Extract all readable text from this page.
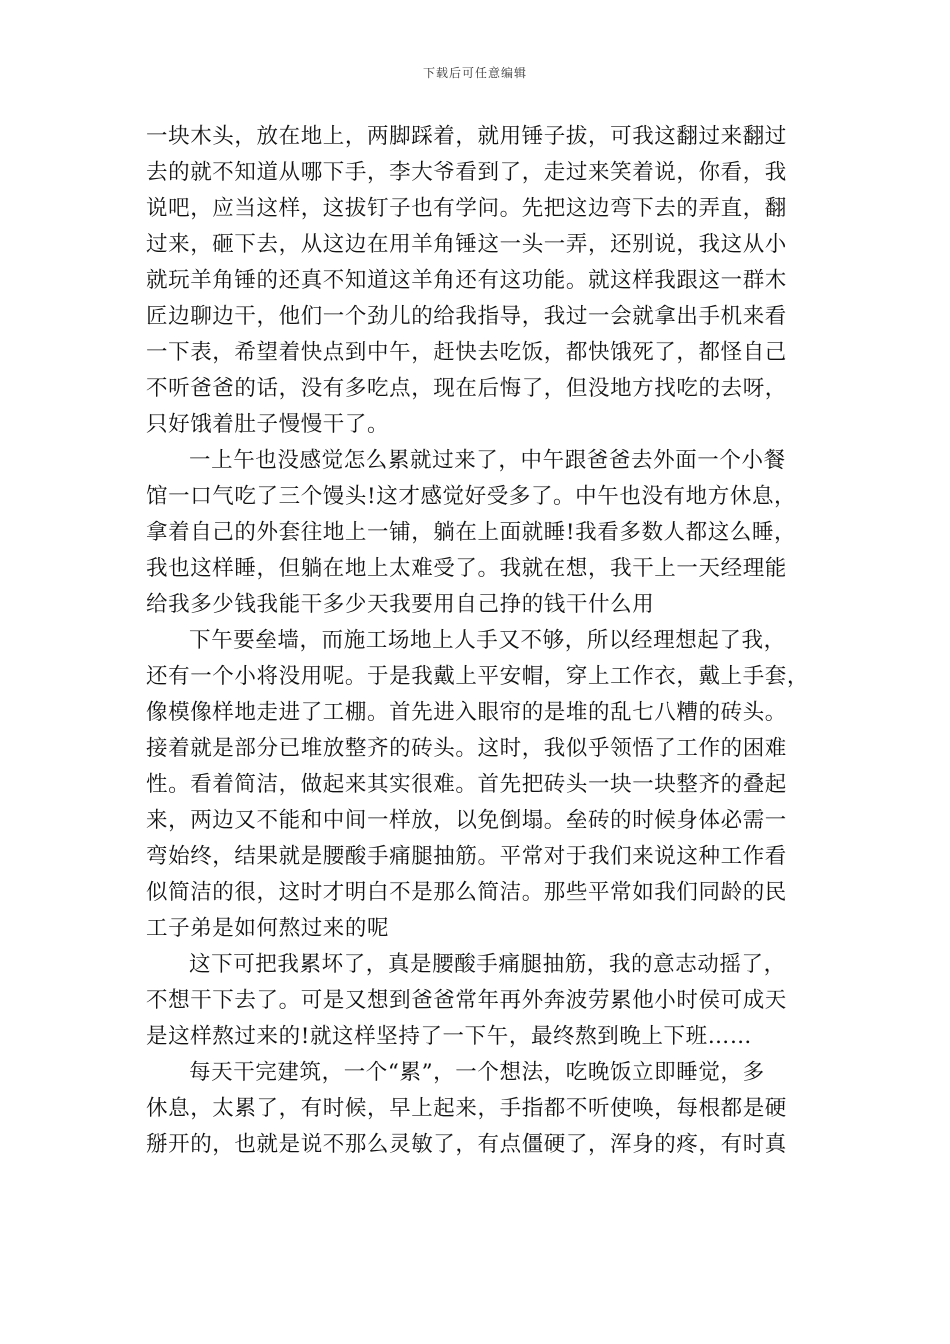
下载后可任意编辑
一块木头，放在地上，两脚踩着，就用锤子拔，可我这翻过来翻过
去的就不知道从哪下手，李大爷看到了，走过来笑着说，你看，我
说吧，应当这样，这拔钉子也有学问。先把这边弯下去的弄直，翻
过来，砸下去，从这边在用羊角锤这一头一弄，还别说，我这从小
就玩羊角锤的还真不知道这羊角还有这功能。就这样我跟这一群木
匠边聊边干，他们一个劲儿的给我指导，我过一会就拿出手机来看
一下表，希望着快点到中午，赶快去吃饭，都快饿死了，都怪自己
不听爸爸的话，没有多吃点，现在后悔了，但没地方找吃的去呀，
只好饿着肚子慢慢干了。
一上午也没感觉怎么累就过来了，中午跟爸爸去外面一个小餐
馆一口气吃了三个馒头!这才感觉好受多了。中午也没有地方休息，
拿着自己的外套往地上一铺，躺在上面就睡!我看多数人都这么睡，
我也这样睡，但躺在地上太难受了。我就在想，我干上一天经理能
给我多少钱我能干多少天我要用自己挣的钱干什么用
下午要垒墙，而施工场地上人手又不够，所以经理想起了我，
还有一个小将没用呢。于是我戴上平安帽，穿上工作衣，戴上手套，
像模像样地走进了工棚。首先进入眼帘的是堆的乱七八糟的砖头。
接着就是部分已堆放整齐的砖头。这时，我似乎领悟了工作的困难
性。看着简洁，做起来其实很难。首先把砖头一块一块整齐的叠起
来，两边又不能和中间一样放，以免倒塌。垒砖的时候身体必需一
弯始终，结果就是腰酸手痛腿抽筋。平常对于我们来说这种工作看
似简洁的很，这时才明白不是那么简洁。那些平常如我们同龄的民
工子弟是如何熬过来的呢
这下可把我累坏了，真是腰酸手痛腿抽筋，我的意志动摇了，
不想干下去了。可是又想到爸爸常年再外奔波劳累他小时侯可成天
是这样熬过来的!就这样坚持了一下午，最终熬到晚上下班……
每天干完建筑，一个“累”，一个想法，吃晚饭立即睡觉，多
休息，太累了，有时候，早上起来，手指都不听使唤，每根都是硬
掰开的，也就是说不那么灵敏了，有点僵硬了，浑身的疼，有时真
